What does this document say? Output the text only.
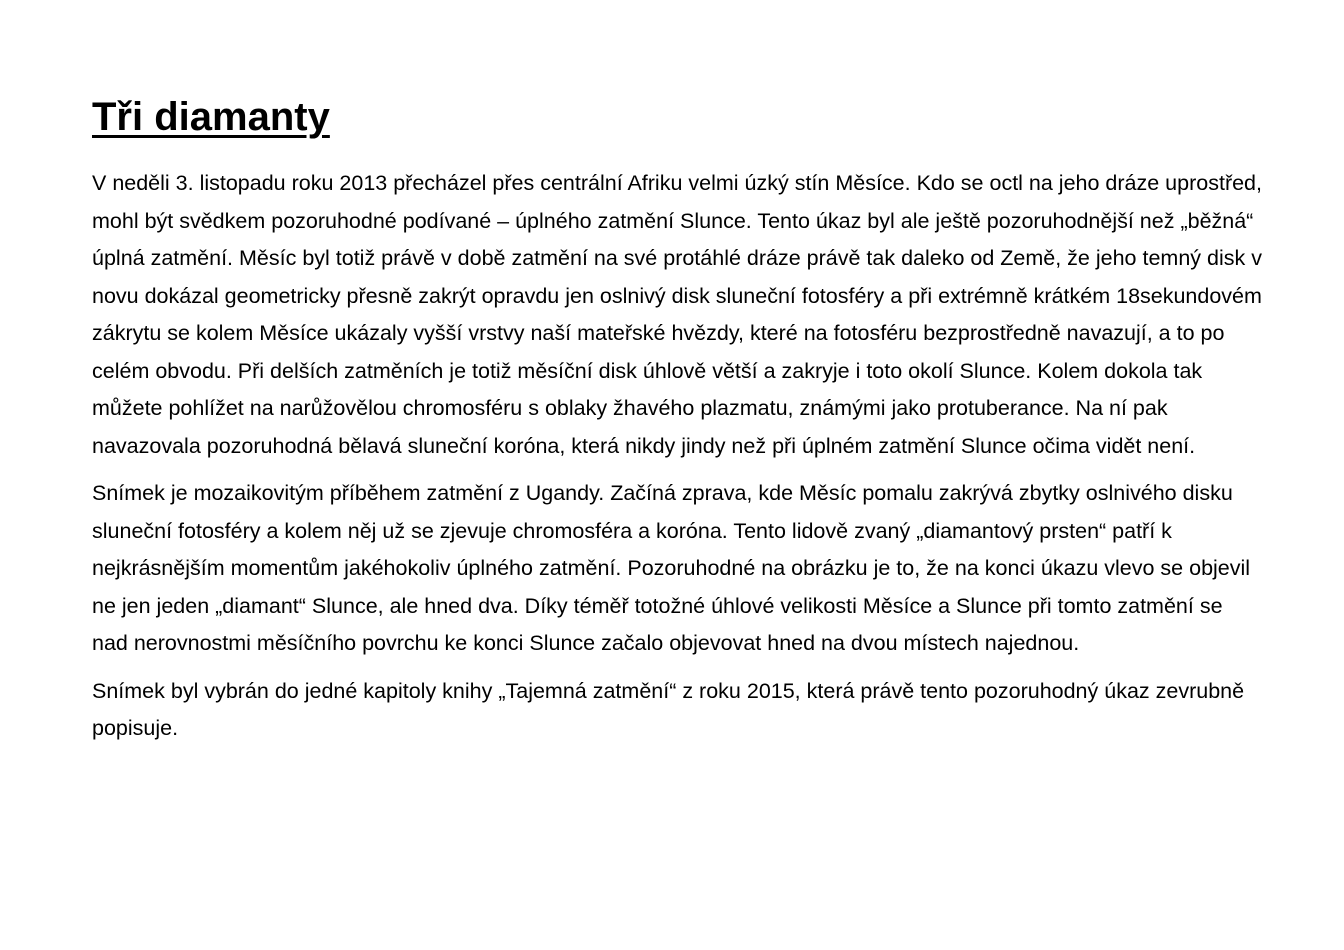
Tři diamanty

V neděli 3. listopadu roku 2013 přecházel přes centrální Afriku velmi úzký stín Měsíce. Kdo se octl na jeho dráze uprostřed, mohl být svědkem pozoruhodné podívané – úplného zatmění Slunce. Tento úkaz byl ale ještě pozoruhodnější než „běžná“ úplná zatmění. Měsíc byl totiž právě v době zatmění na své protáhlé dráze právě tak daleko od Země, že jeho temný disk v novu dokázal geometricky přesně zakrýt opravdu jen oslnivý disk sluneční fotosféry a při extrémně krátkém 18sekundovém zákrytu se kolem Měsíce ukázaly vyšší vrstvy naší mateřské hvězdy, které na fotosféru bezprostředně navazují, a to po celém obvodu. Při delších zatměních je totiž měsíční disk úhlově větší a zakryje i toto okolí Slunce. Kolem dokola tak můžete pohlížet na narůžovělou chromosféru s oblaky žhavého plazmatu, známými jako protuberance. Na ní pak navazovala pozoruhodná bělavá sluneční koróna, která nikdy jindy než při úplném zatmění Slunce očima vidět není.

Snímek je mozaikovitým příběhem zatmění z Ugandy. Začíná zprava, kde Měsíc pomalu zakrývá zbytky oslnivého disku sluneční fotosféry a kolem něj už se zjevuje chromosféra a koróna. Tento lidově zvaný „diamantový prsten“ patří k nejkrásnějším momentům jakéhokoliv úplného zatmění. Pozoruhodné na obrázku je to, že na konci úkazu vlevo se objevil ne jen jeden „diamant“ Slunce, ale hned dva. Díky téměř totožné úhlové velikosti Měsíce a Slunce při tomto zatmění se nad nerovnostmi měsíčního povrchu ke konci Slunce začalo objevovat hned na dvou místech najednou.

Snímek byl vybrán do jedné kapitoly knihy „Tajemná zatmění“ z roku 2015, která právě tento pozoruhodný úkaz zevrubně popisuje.
